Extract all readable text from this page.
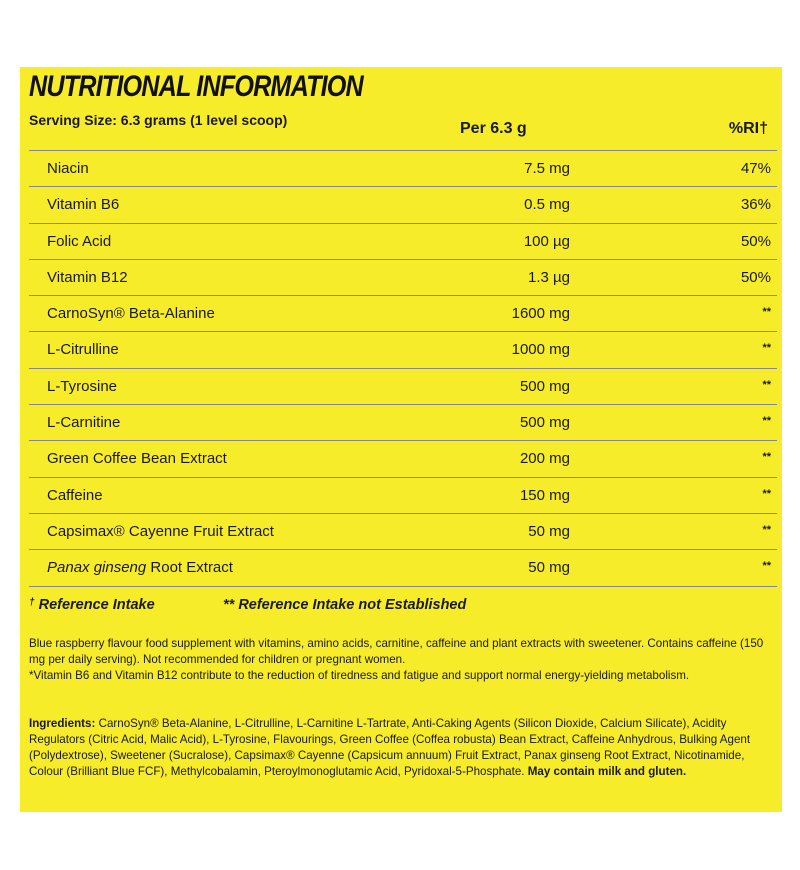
NUTRITIONAL INFORMATION
Serving Size: 6.3 grams (1 level scoop)	Per 6.3 g	%RI†
Niacin	7.5 mg	47%
Vitamin B6	0.5 mg	36%
Folic Acid	100 µg	50%
Vitamin B12	1.3 µg	50%
CarnoSyn® Beta-Alanine	1600 mg	**
L-Citrulline	1000 mg	**
L-Tyrosine	500 mg	**
L-Carnitine	500 mg	**
Green Coffee Bean Extract	200 mg	**
Caffeine	150 mg	**
Capsimax® Cayenne Fruit Extract	50 mg	**
Panax ginseng Root Extract	50 mg	**
† Reference Intake	** Reference Intake not Established

Blue raspberry flavour food supplement with vitamins, amino acids, carnitine, caffeine and plant extracts with sweetener. Contains caffeine (150 mg per daily serving). Not recommended for children or pregnant women.

*Vitamin B6 and Vitamin B12 contribute to the reduction of tiredness and fatigue and support normal energy-yielding metabolism.

Ingredients: CarnoSyn® Beta-Alanine, L-Citrulline, L-Carnitine L-Tartrate, Anti-Caking Agents (Silicon Dioxide, Calcium Silicate), Acidity Regulators (Citric Acid, Malic Acid), L-Tyrosine, Flavourings, Green Coffee (Coffea robusta) Bean Extract, Caffeine Anhydrous, Bulking Agent (Polydextrose), Sweetener (Sucralose), Capsimax® Cayenne (Capsicum annuum) Fruit Extract, Panax ginseng Root Extract, Nicotinamide, Colour (Brilliant Blue FCF), Methylcobalamin, Pteroylmonoglutamic Acid, Pyridoxal-5-Phosphate. May contain milk and gluten.
